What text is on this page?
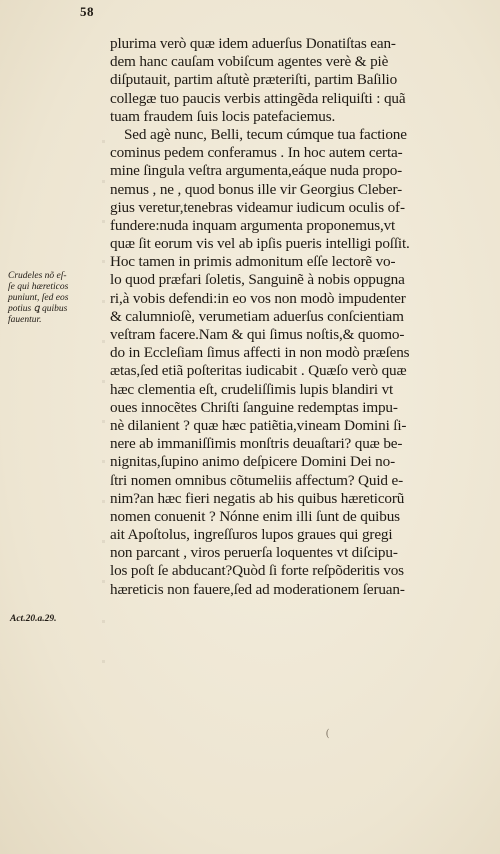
58
plurima verò quæ idem aduerſus Donatiſtas ean-
dem hanc cauſam vobiſcum agentes verè & piè
diſputauit, partim aſtutè præteriſti, partim Baſilio
collegæ tuo paucis verbis attingẽda reliquiſti : quã
tuam fraudem ſuis locis patefaciemus.
Sed agè nunc, Belli, tecum cúmque tua factione
cominus pedem conferamus . In hoc autem certa-
mine ſingula veſtra argumenta,eáque nuda propo-
nemus , ne , quod bonus ille vir Georgius Cleber-
gius veretur,tenebras videamur iudicum oculis of-
fundere:nuda inquam argumenta proponemus,vt
quæ ſit eorum vis vel ab ipſis pueris intelligi poſſit.
Hoc tamen in primis admonitum eſſe lectorẽ vo-
lo quod præfari ſoletis, Sanguinẽ à nobis oppugna
ri,à vobis defendi:in eo vos non modò impudenter
& calumnioſè, verumetiam aduerſus conſcientiam
veſtram facere.Nam & qui ſimus noſtis,& quomo-
do in Eccleſiam ſimus affecti in non modò præſens
ætas,ſed etiã poſteritas iudicabit . Quæſo verò quæ
hæc clementia eſt, crudeliſſimis lupis blandiri vt
oues innocẽtes Chriſti ſanguine redemptas impu-
nè dilanient ? quæ hæc patiẽtia,vineam Domini ſi-
nere ab immaniſſimis monſtris deuaſtari? quæ be-
nignitas,ſupino animo deſpicere Domini Dei no-
ſtri nomen omnibus cõtumeliis affectum? Quid e-
nim?an hæc fieri negatis ab his quibus hæreticorũ
nomen conuenit ? Nónne enim illi ſunt de quibus
ait Apoſtolus, ingreſſuros lupos graues qui gregi
non parcant , viros peruerſa loquentes vt diſcipu-
los poſt ſe abducant?Quòd ſi forte reſpõderitis vos
hæreticis non fauere,ſed ad moderationem ſeruan-
Crudeles nõ eſ-
ſe qui hæreticos
puniunt, ſed eos
potius ꝗ quibus
fauentur.
Act.20.a.29.
(
